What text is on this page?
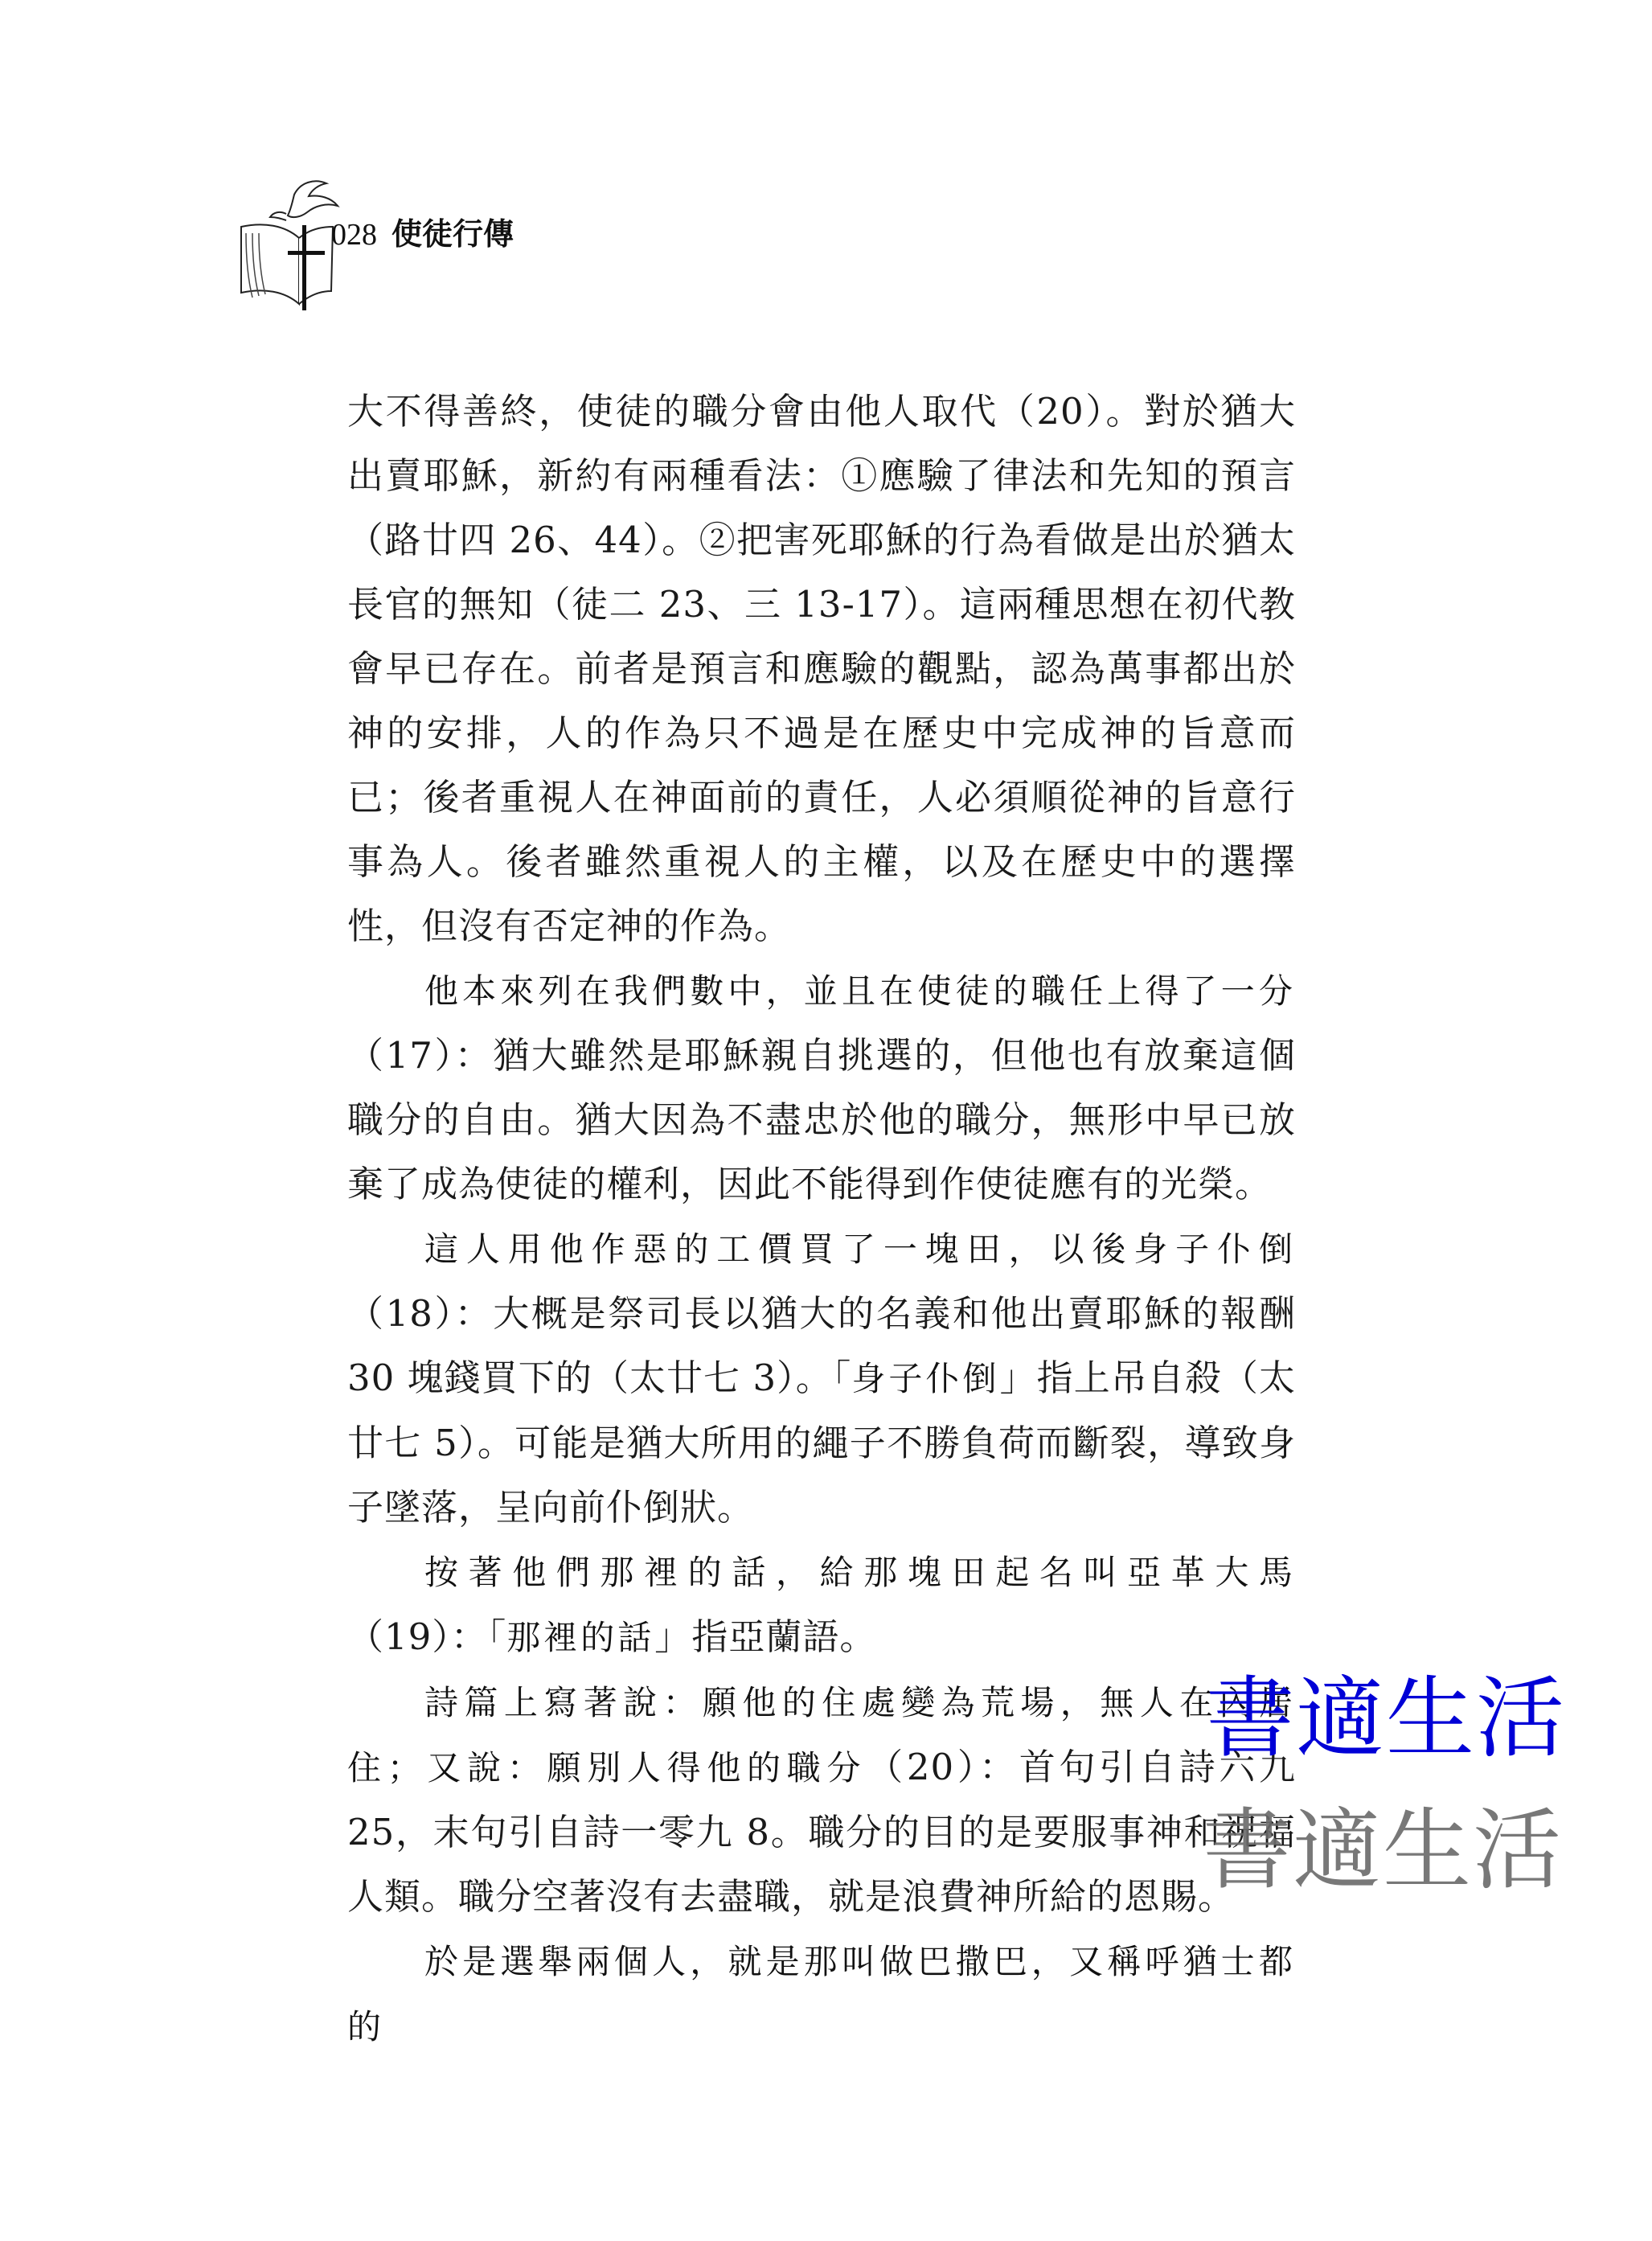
028 使徒行傳

大不得善終，使徒的職分會由他人取代（20）。對於猶大出賣耶穌，新約有兩種看法：①應驗了律法和先知的預言（路廿四 26、44）。②把害死耶穌的行為看做是出於猶太長官的無知（徒二 23、三 13-17）。這兩種思想在初代教會早已存在。前者是預言和應驗的觀點，認為萬事都出於神的安排，人的作為只不過是在歷史中完成神的旨意而已；後者重視人在神面前的責任，人必須順從神的旨意行事為人。後者雖然重視人的主權，以及在歷史中的選擇性，但沒有否定神的作為。

他本來列在我們數中，並且在使徒的職任上得了一分（17）：猶大雖然是耶穌親自挑選的，但他也有放棄這個職分的自由。猶大因為不盡忠於他的職分，無形中早已放棄了成為使徒的權利，因此不能得到作使徒應有的光榮。

這人用他作惡的工價買了一塊田，以後身子仆倒（18）：大概是祭司長以猶大的名義和他出賣耶穌的報酬 30 塊錢買下的（太廿七 3）。「身子仆倒」指上吊自殺（太廿七 5）。可能是猶大所用的繩子不勝負荷而斷裂，導致身子墜落，呈向前仆倒狀。

按著他們那裡的話，給那塊田起名叫亞革大馬（19）：「那裡的話」指亞蘭語。

詩篇上寫著說：願他的住處變為荒場，無人在內居住；又說：願別人得他的職分（20）：首句引自詩六九 25，末句引自詩一零九 8。職分的目的是要服事神和祝福人類。職分空著沒有去盡職，就是浪費神所給的恩賜。

於是選舉兩個人，就是那叫做巴撒巴，又稱呼猶士都的

書適生活
書適生活
